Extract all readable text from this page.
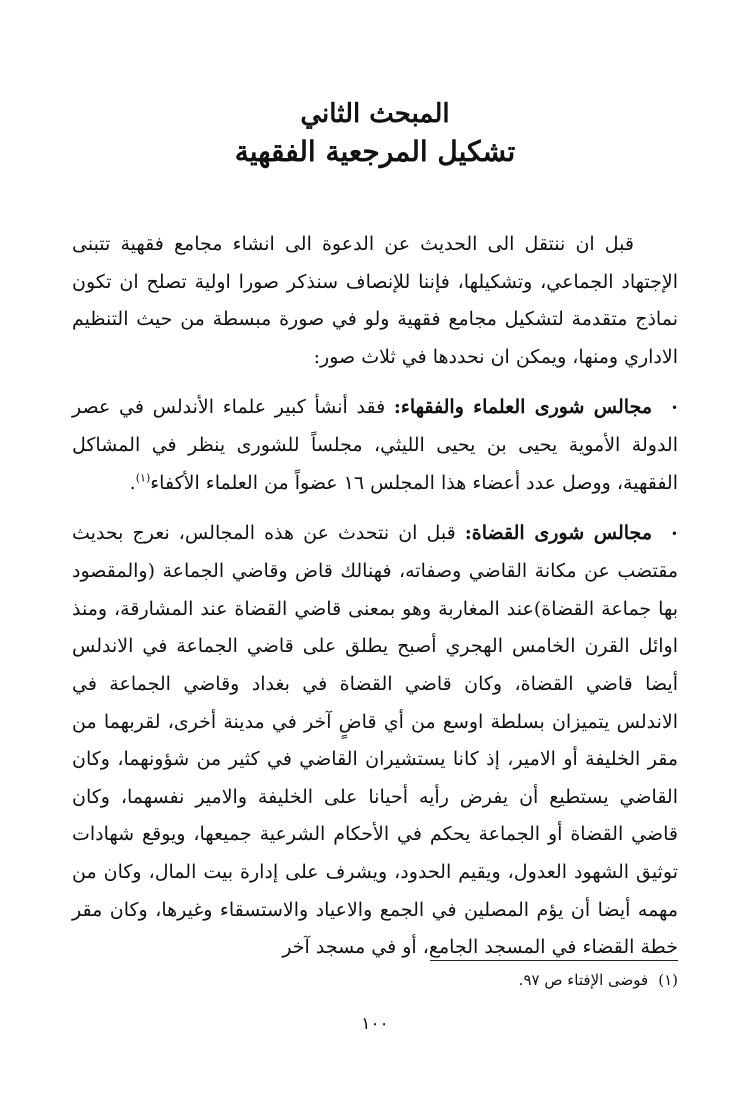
المبحث الثاني
تشكيل المرجعية الفقهية

قبل ان ننتقل الى الحديث عن الدعوة الى انشاء مجامع فقهية تتبنى الإجتهاد الجماعي، وتشكيلها، فإننا للإنصاف سنذكر صورا اولية تصلح ان تكون نماذج متقدمة لتشكيل مجامع فقهية ولو في صورة مبسطة من حيث التنظيم الاداري ومنها، ويمكن ان نحددها في ثلاث صور:

•مجالس شورى العلماء والفقهاء: فقد أنشأ كبير علماء الأندلس في عصر الدولة الأموية يحيى بن يحيى الليثي، مجلساً للشورى ينظر في المشاكل الفقهية، ووصل عدد أعضاء هذا المجلس ١٦ عضواً من العلماء الأكفاء$^{(١)}$.

•مجالس شورى القضاة: قبل ان نتحدث عن هذه المجالس، نعرج بحديث مقتضب عن مكانة القاضي وصفاته، فهنالك قاض وقاضي الجماعة (والمقصود بها جماعة القضاة)عند المغاربة وهو بمعنى قاضي القضاة عند المشارقة، ومنذ اوائل القرن الخامس الهجري أصبح يطلق على قاضي الجماعة في الاندلس أيضا قاضي القضاة، وكان قاضي القضاة في بغداد وقاضي الجماعة في الاندلس يتميزان بسلطة اوسع من أي قاضٍ آخر في مدينة أخرى، لقربهما من مقر الخليفة أو الامير، إذ كانا يستشيران القاضي في كثير من شؤونهما، وكان القاضي يستطيع أن يفرض رأيه أحيانا على الخليفة والامير نفسهما، وكان قاضي القضاة أو الجماعة يحكم في الأحكام الشرعية جميعها، ويوقع شهادات توثيق الشهود العدول، ويقيم الحدود، ويشرف على إدارة بيت المال، وكان من مهمه أيضا أن يؤم المصلين في الجمع والاعياد والاستسقاء وغيرها، وكان مقر خطة القضاء في المسجد الجامع، أو في مسجد آخر

(١)فوضى الإفتاء ص ٩٧.
١٠٠
